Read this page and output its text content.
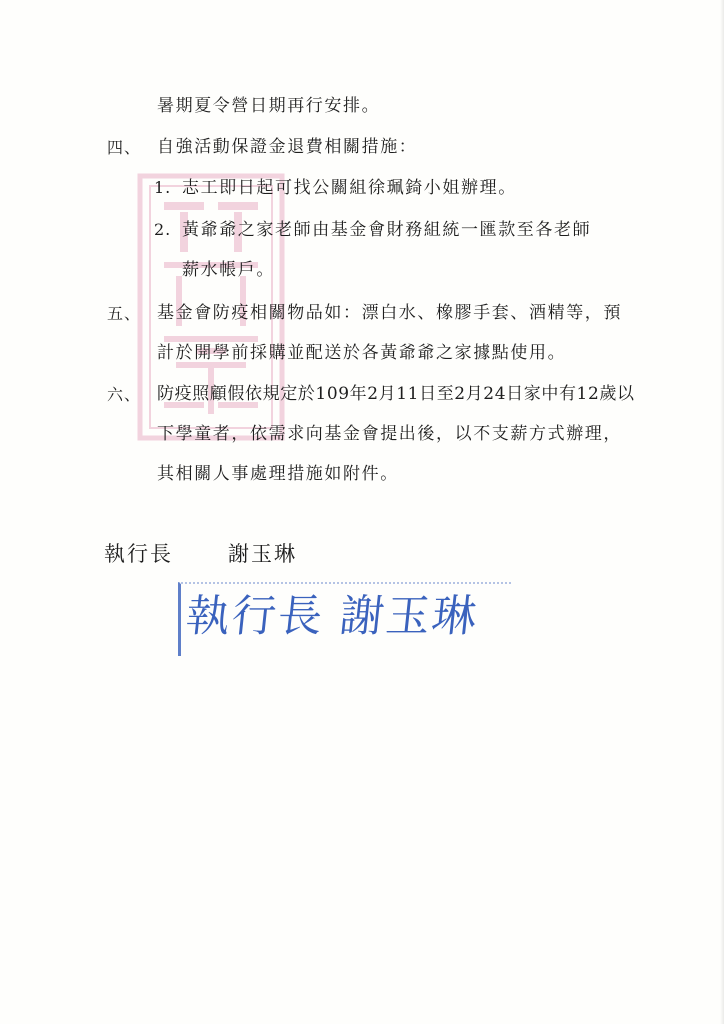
暑期夏令營日期再行安排。
四、 自強活動保證金退費相關措施：
1. 志工即日起可找公關組徐珮錡小姐辦理。
2. 黃爺爺之家老師由基金會財務組統一匯款至各老師
薪水帳戶。
五、 基金會防疫相關物品如：漂白水、橡膠手套、酒精等，預
計於開學前採購並配送於各黃爺爺之家據點使用。
六、 防疫照顧假依規定於109年2月11日至2月24日家中有12歲以
下學童者，依需求向基金會提出後，以不支薪方式辦理，
其相關人事處理措施如附件。
執行長	謝玉琳
執行長 謝玉琳
